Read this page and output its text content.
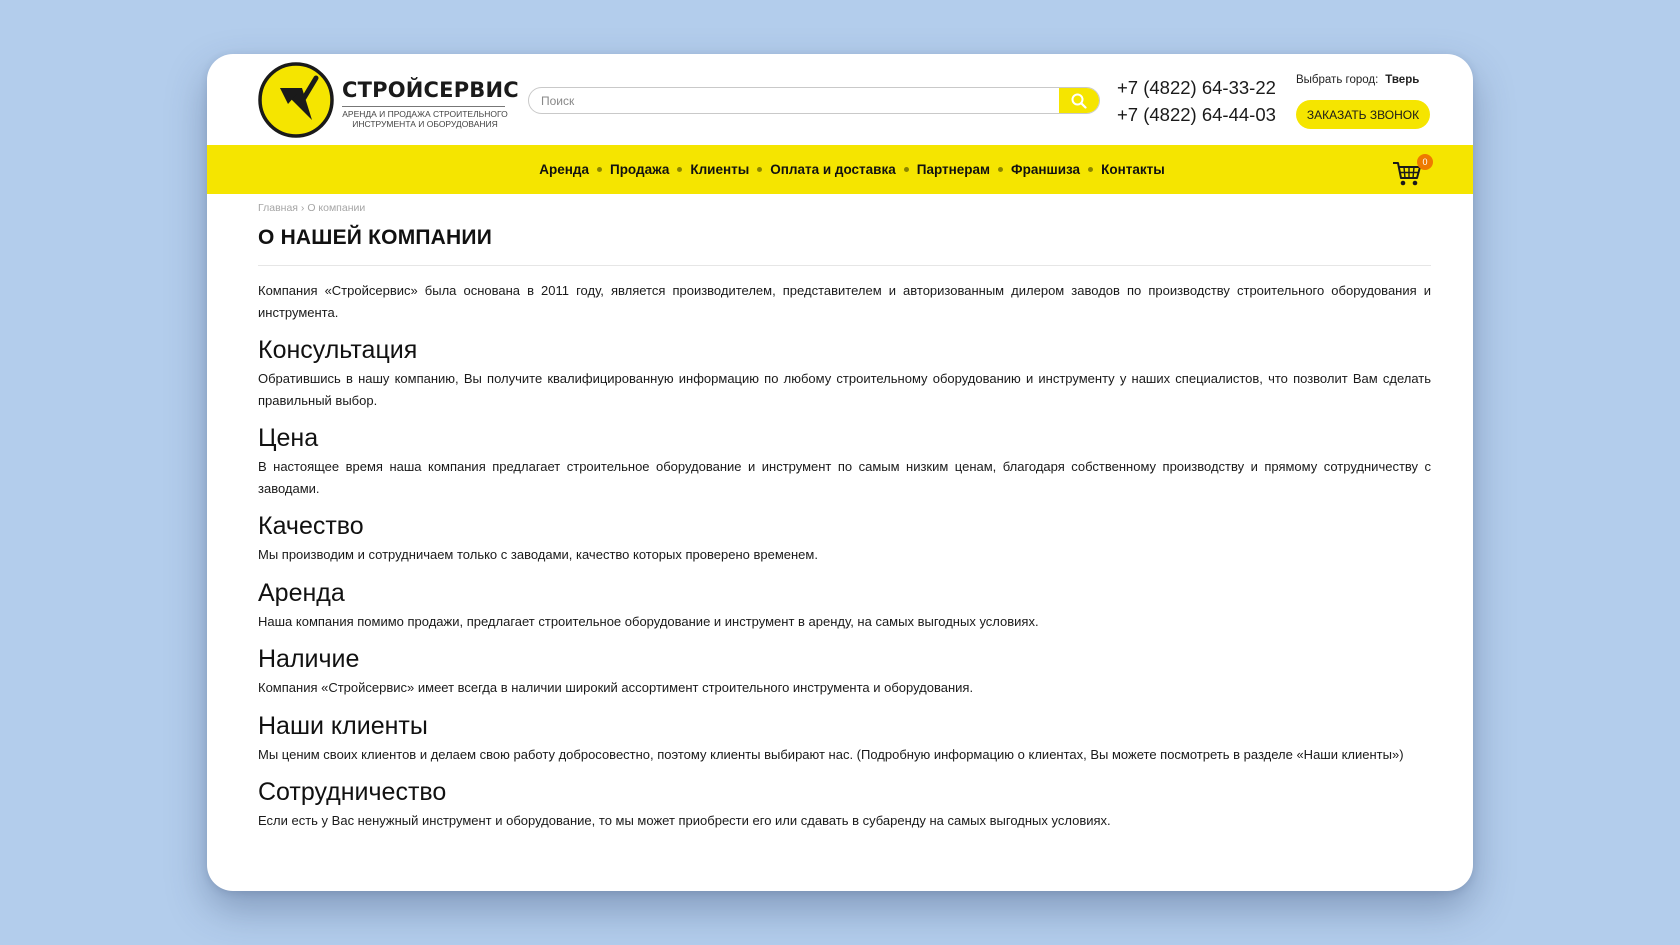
СТРОЙСЕРВИС
АРЕНДА И ПРОДАЖА СТРОИТЕЛЬНОГО ИНСТРУМЕНТА И ОБОРУДОВАНИЯ
Поиск
+7 (4822) 64-33-22
+7 (4822) 64-44-03
Выбрать город: Тверь
ЗАКАЗАТЬ ЗВОНОК
Аренда Продажа Клиенты Оплата и доставка Партнерам Франшиза Контакты	0
Главная › О компании
О НАШЕЙ КОМПАНИИ

Компания «Стройсервис» была основана в 2011 году, является производителем, представителем и авторизованным дилером заводов по производству строительного оборудования и инструмента.

Консультация

Обратившись в нашу компанию, Вы получите квалифицированную информацию по любому строительному оборудованию и инструменту у наших специалистов, что позволит Вам сделать правильный выбор.

Цена

В настоящее время наша компания предлагает строительное оборудование и инструмент по самым низким ценам, благодаря собственному производству и прямому сотрудничеству с заводами.

Качество

Мы производим и сотрудничаем только с заводами, качество которых проверено временем.

Аренда

Наша компания помимо продажи, предлагает строительное оборудование и инструмент в аренду, на самых выгодных условиях.

Наличие

Компания «Стройсервис» имеет всегда в наличии широкий ассортимент строительного инструмента и оборудования.

Наши клиенты

Мы ценим своих клиентов и делаем свою работу добросовестно, поэтому клиенты выбирают нас. (Подробную информацию о клиентах, Вы можете посмотреть в разделе «Наши клиенты»)

Сотрудничество

Если есть у Вас ненужный инструмент и оборудование, то мы может приобрести его или сдавать в субаренду на самых выгодных условиях.
